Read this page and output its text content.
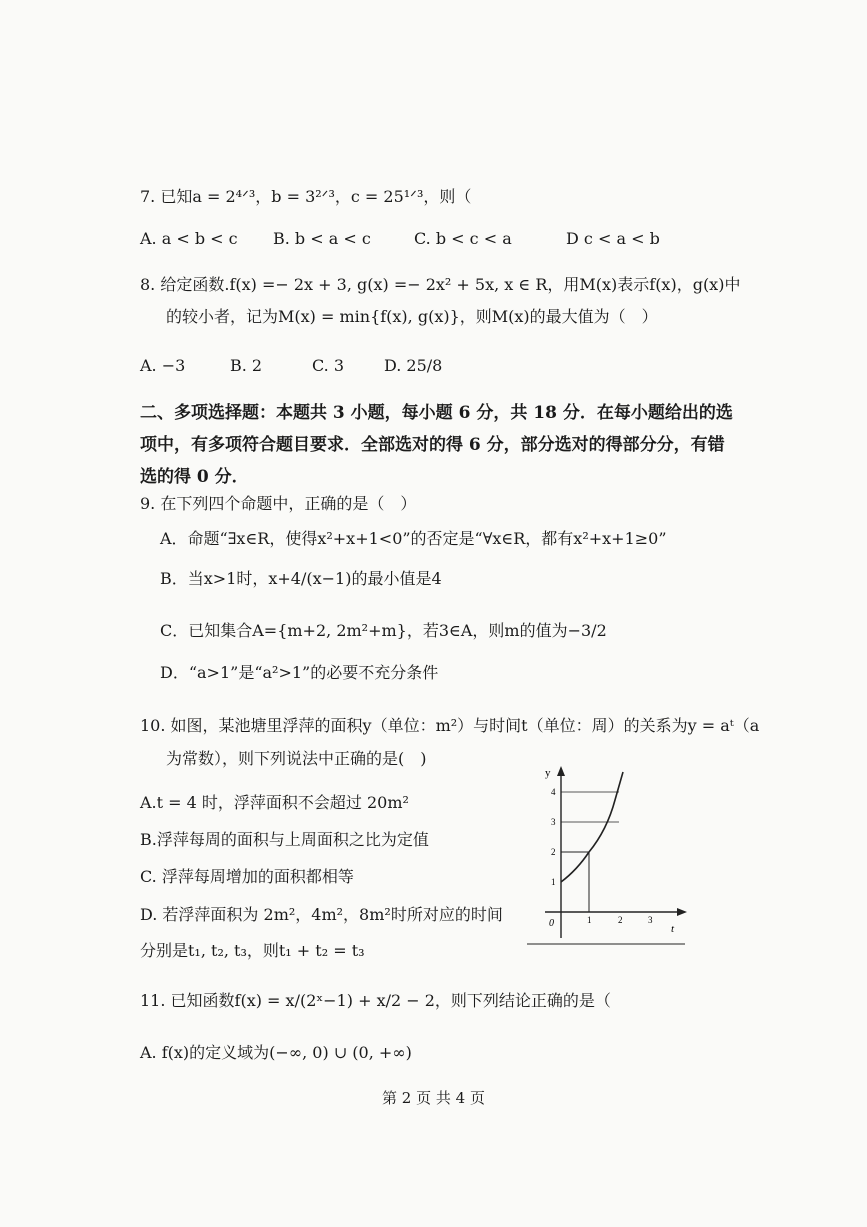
7. 已知a = 2⁴ᐟ³，b = 3²ᐟ³，c = 25¹ᐟ³，则（
A. a < b < c B. b < a < c	C. b < c < a	D c < a < b
8. 给定函数.f(x) =− 2x + 3, g(x) =− 2x² + 5x, x ∈ R，用M(x)表示f(x)，g(x)中
的较小者，记为M(x) = min{f(x), g(x)}，则M(x)的最大值为（　）
A. −3	B. 2	C. 3 D. 25/8
二、多项选择题：本题共 3 小题，每小题 6 分，共 18 分．在每小题给出的选
项中，有多项符合题目要求．全部选对的得 6 分，部分选对的得部分分，有错
选的得 0 分．
9. 在下列四个命题中，正确的是（　）
A．命题“∃x∈R，使得x²+x+1<0”的否定是“∀x∈R，都有x²+x+1≥0”
B．当x>1时，x+4/(x−1)的最小值是4
C．已知集合A={m+2, 2m²+m}，若3∈A，则m的值为−3/2
D．“a>1”是“a²>1”的必要不充分条件
10. 如图，某池塘里浮萍的面积y（单位：m²）与时间t（单位：周）的关系为y = aᵗ（a
为常数），则下列说法中正确的是(　)
A.t = 4 时，浮萍面积不会超过 20m²
B.浮萍每周的面积与上周面积之比为定值
C. 浮萍每周增加的面积都相等
D. 若浮萍面积为 2m²，4m²，8m²时所对应的时间
分别是t₁, t₂, t₃，则t₁ + t₂ = t₃
y
t
0
1
2
3
4
1	2	3
11. 已知函数f(x) = x/(2ˣ−1) + x/2 − 2，则下列结论正确的是（
A. f(x)的定义域为(−∞, 0) ∪ (0, +∞)
第 2 页 共 4 页
